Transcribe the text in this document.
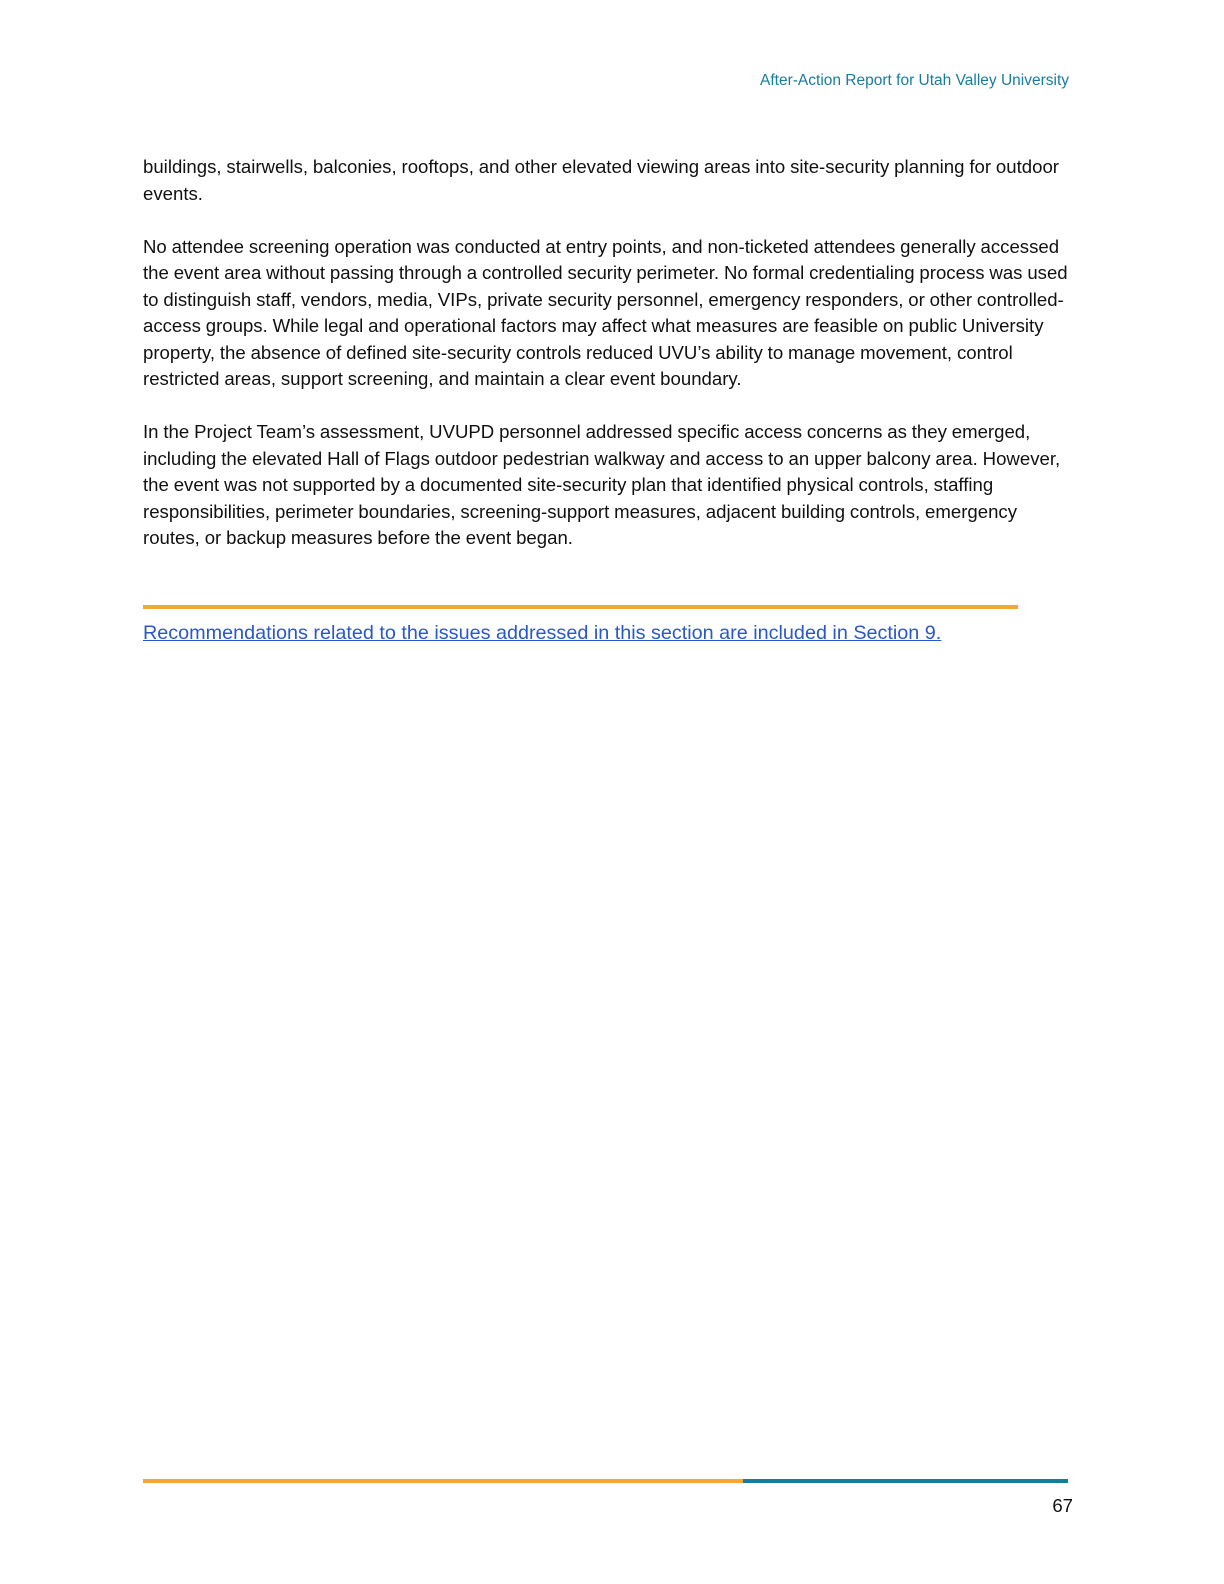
After-Action Report for Utah Valley University

buildings, stairwells, balconies, rooftops, and other elevated viewing areas into site-security planning for outdoor events.

No attendee screening operation was conducted at entry points, and non-ticketed attendees generally accessed the event area without passing through a controlled security perimeter. No formal credentialing process was used to distinguish staff, vendors, media, VIPs, private security personnel, emergency responders, or other controlled-access groups. While legal and operational factors may affect what measures are feasible on public University property, the absence of defined site-security controls reduced UVU’s ability to manage movement, control restricted areas, support screening, and maintain a clear event boundary.

In the Project Team’s assessment, UVUPD personnel addressed specific access concerns as they emerged, including the elevated Hall of Flags outdoor pedestrian walkway and access to an upper balcony area. However, the event was not supported by a documented site-security plan that identified physical controls, staffing responsibilities, perimeter boundaries, screening-support measures, adjacent building controls, emergency routes, or backup measures before the event began.

Recommendations related to the issues addressed in this section are included in Section 9.
67
